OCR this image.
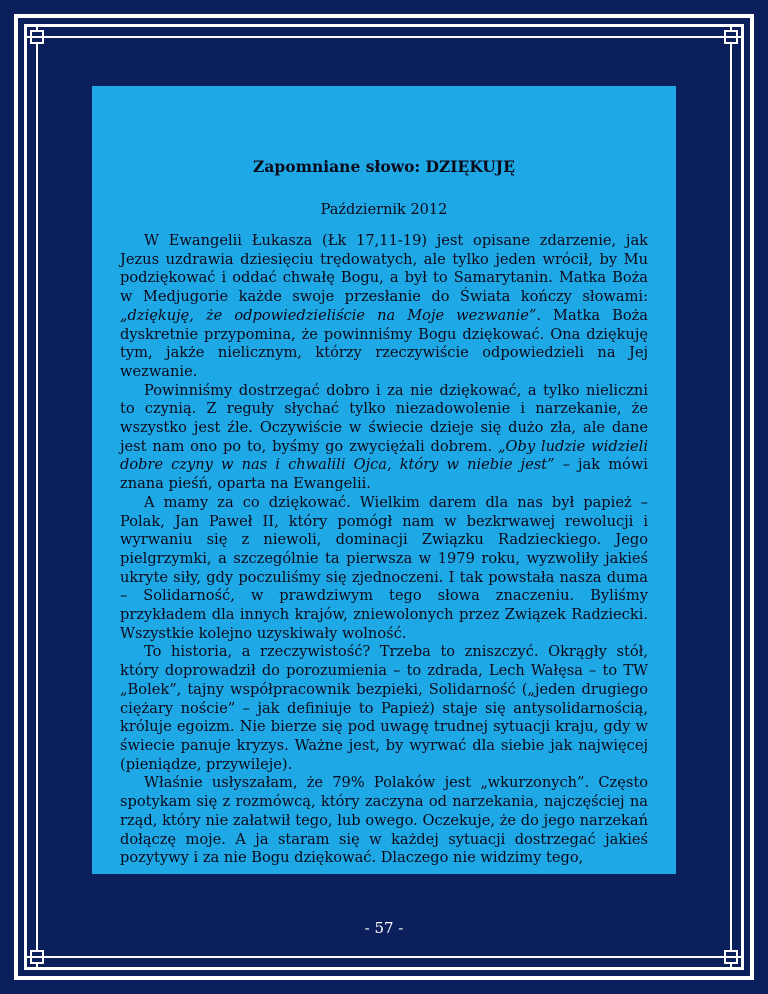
Zapomniane słowo: DZIĘKUJĘ
Październik 2012

W Ewangelii Łukasza (Łk 17,11-19) jest opisane zdarzenie, jak Jezus uzdrawia dziesięciu trędowatych, ale tylko jeden wrócił, by Mu podziękować i oddać chwałę Bogu, a był to Samarytanin. Matka Boża w Medjugorie każde swoje przesłanie do Świata kończy słowami: „dziękuję, że odpowiedzieliście na Moje wezwanie”. Matka Boża dyskretnie przypomina, że powinniśmy Bogu dziękować. Ona dziękuję tym, jakże nielicznym, którzy rzeczywiście odpowiedzieli na Jej wezwanie.

Powinniśmy dostrzegać dobro i za nie dziękować, a tylko nieliczni to czynią. Z reguły słychać tylko niezadowolenie i narzekanie, że wszystko jest źle. Oczywiście w świecie dzieje się dużo zła, ale dane jest nam ono po to, byśmy go zwyciężali dobrem. „Oby ludzie widzieli dobre czyny w nas i chwalili Ojca, który w niebie jest” – jak mówi znana pieśń, oparta na Ewangelii.

A mamy za co dziękować. Wielkim darem dla nas był papież – Polak, Jan Paweł II, który pomógł nam w bezkrwawej rewolucji i wyrwaniu się z niewoli, dominacji Związku Radzieckiego. Jego pielgrzymki, a szczególnie ta pierwsza w 1979 roku, wyzwoliły jakieś ukryte siły, gdy poczuliśmy się zjednoczeni. I tak powstała nasza duma – Solidarność, w prawdziwym tego słowa znaczeniu. Byliśmy przykładem dla innych krajów, zniewolonych przez Związek Radziecki. Wszystkie kolejno uzyskiwały wolność.

To historia, a rzeczywistość? Trzeba to zniszczyć. Okrągły stół, który doprowadził do porozumienia – to zdrada, Lech Wałęsa – to TW „Bolek”, tajny współpracownik bezpieki, Solidarność („jeden drugiego ciężary noście” – jak definiuje to Papież) staje się antysolidarnością, króluje egoizm. Nie bierze się pod uwagę trudnej sytuacji kraju, gdy w świecie panuje kryzys. Ważne jest, by wyrwać dla siebie jak najwięcej (pieniądze, przywileje).

Właśnie usłyszałam, że 79% Polaków jest „wkurzonych”. Często spotykam się z rozmówcą, który zaczyna od narzekania, najczęściej na rząd, który nie załatwił tego, lub owego. Oczekuje, że do jego narzekań dołączę moje. A ja staram się w każdej sytuacji dostrzegać jakieś pozytywy i za nie Bogu dziękować. Dlaczego nie widzimy tego,

- 57 -
